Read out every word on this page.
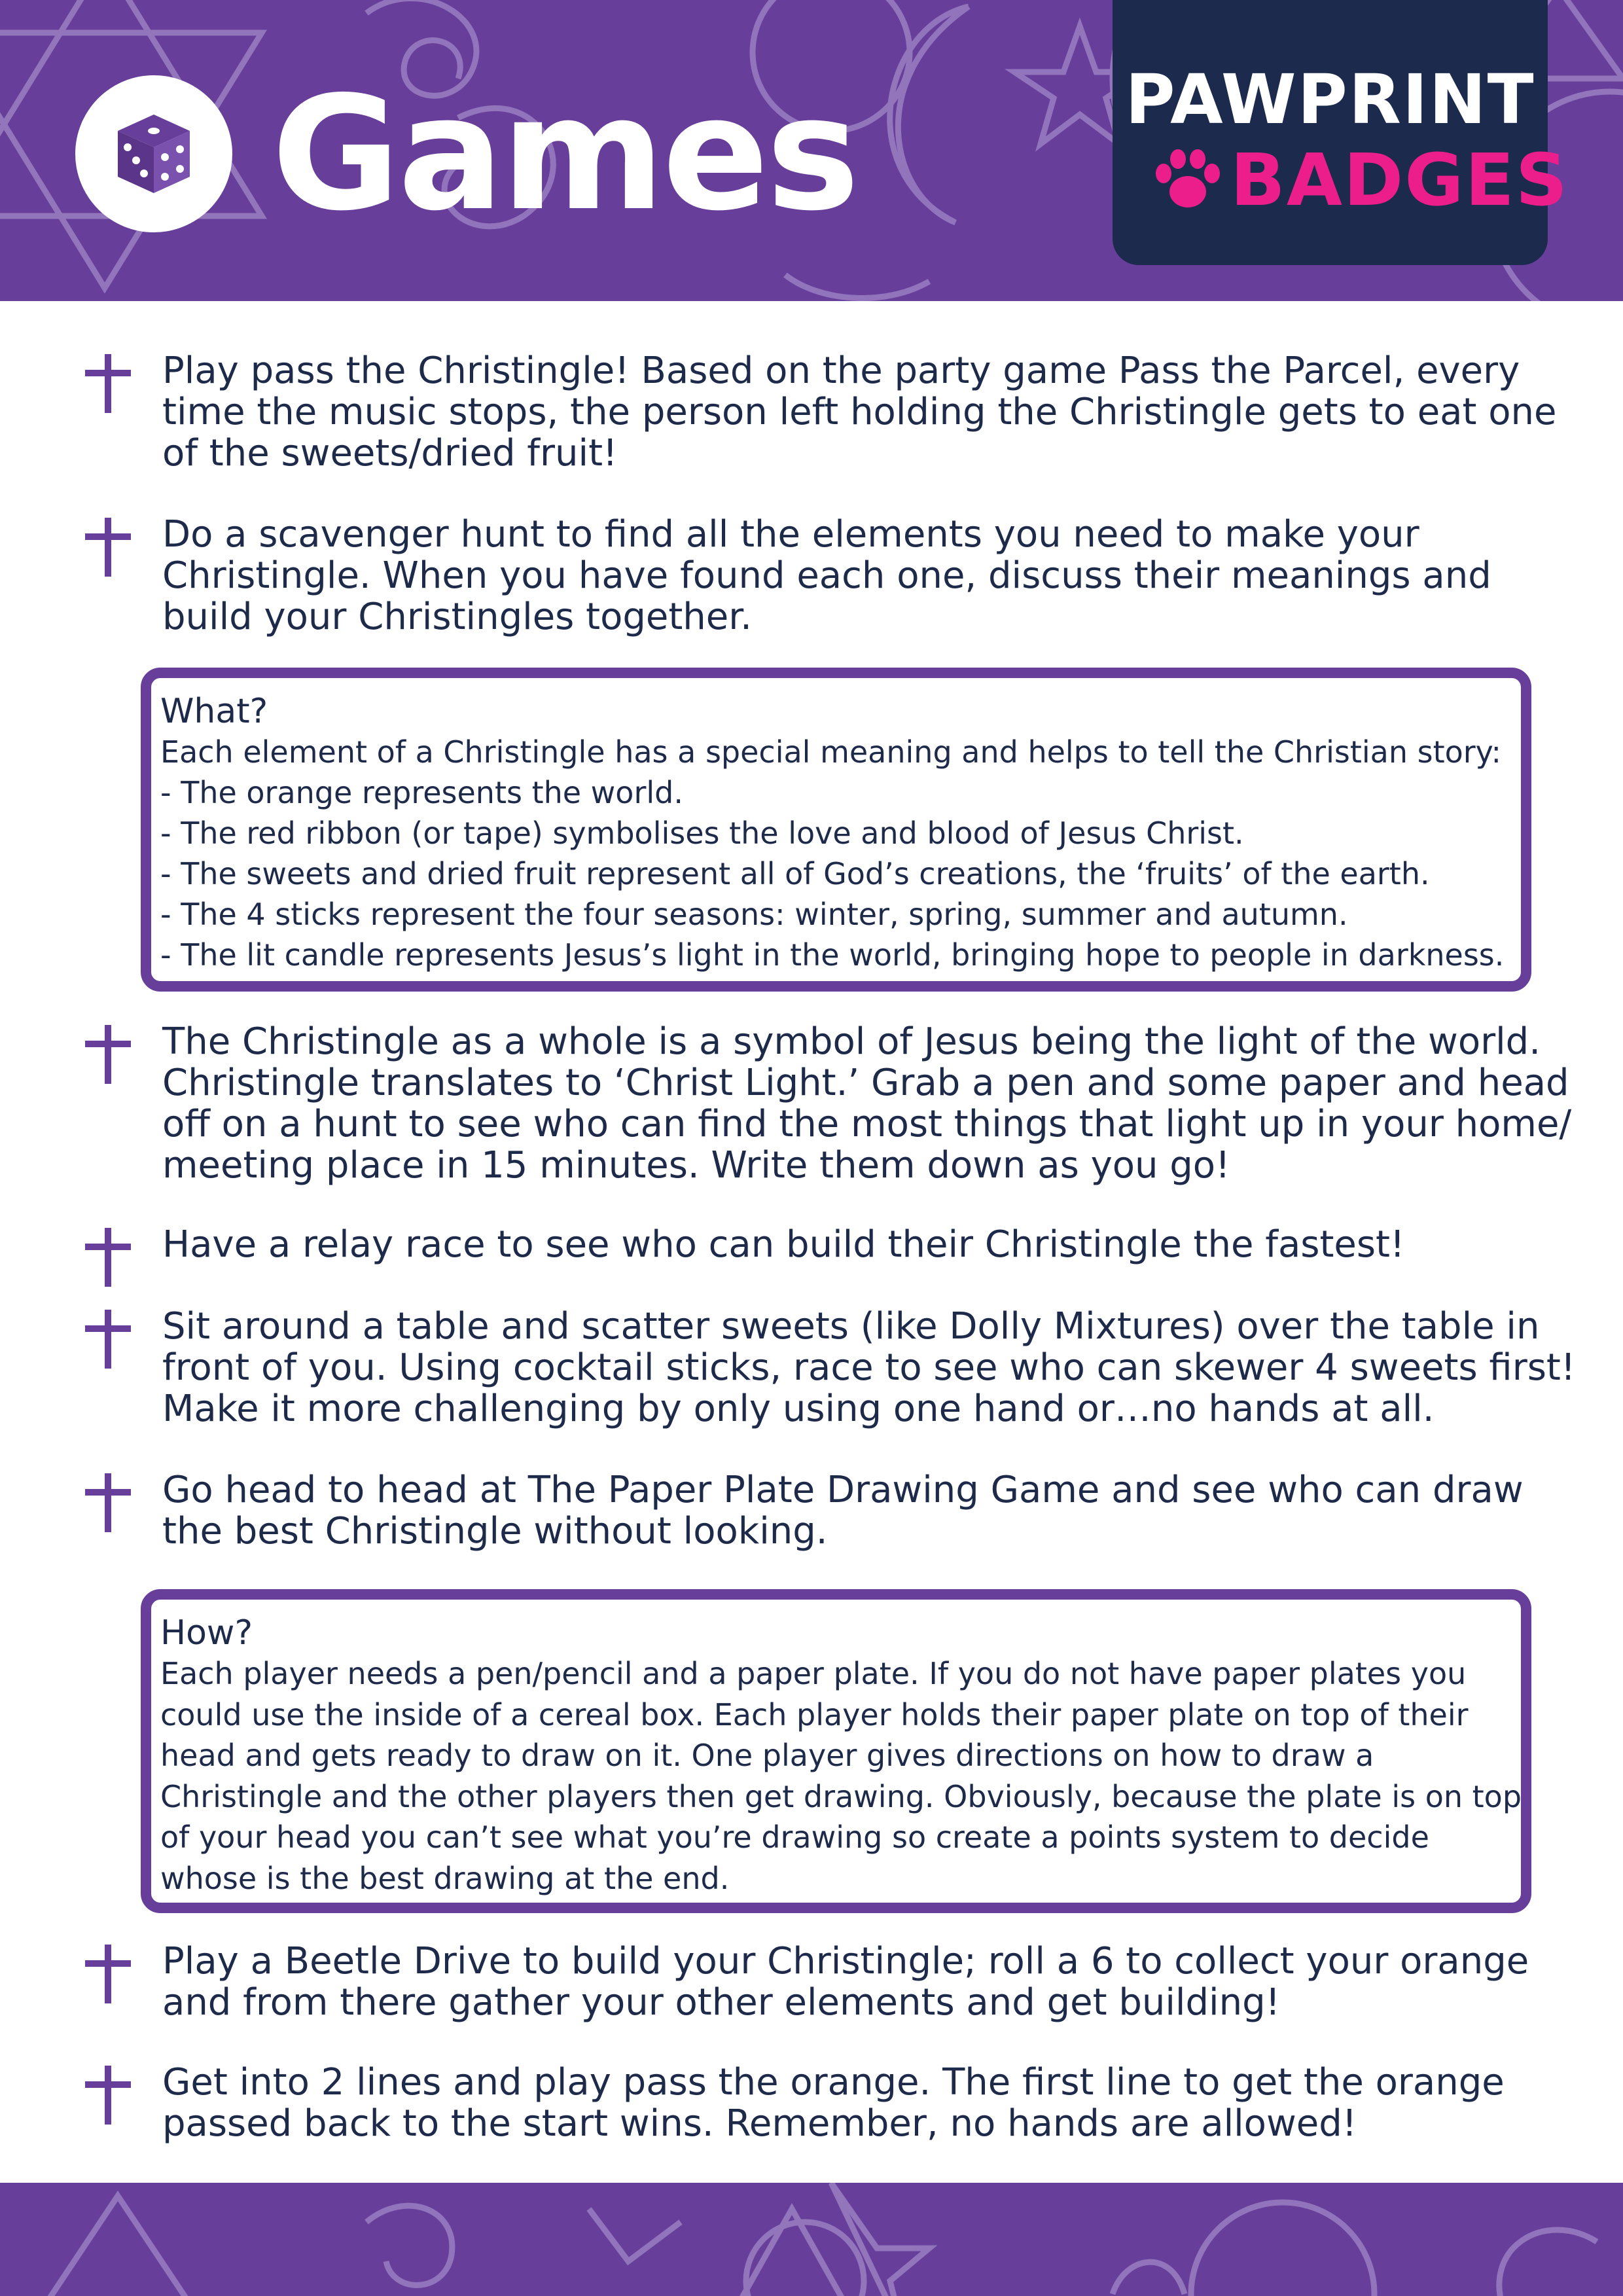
Games	PAWPRINT
BADGES
Play pass the Christingle! Based on the party game Pass the Parcel, every time the music stops, the person left holding the Christingle gets to eat one of the sweets/dried fruit!
Do a scavenger hunt to find all the elements you need to make your Christingle. When you have found each one, discuss their meanings and build your Christingles together.
What?
Each element of a Christingle has a special meaning and helps to tell the Christian story:
- The orange represents the world.
- The red ribbon (or tape) symbolises the love and blood of Jesus Christ.
- The sweets and dried fruit represent all of God’s creations, the ‘fruits’ of the earth.
- The 4 sticks represent the four seasons: winter, spring, summer and autumn.
- The lit candle represents Jesus’s light in the world, bringing hope to people in darkness.
The Christingle as a whole is a symbol of Jesus being the light of the world. Christingle translates to ‘Christ Light.’ Grab a pen and some paper and head off on a hunt to see who can find the most things that light up in your home/ meeting place in 15 minutes. Write them down as you go!
Have a relay race to see who can build their Christingle the fastest!
Sit around a table and scatter sweets (like Dolly Mixtures) over the table in front of you. Using cocktail sticks, race to see who can skewer 4 sweets first! Make it more challenging by only using one hand or…no hands at all.
Go head to head at The Paper Plate Drawing Game and see who can draw the best Christingle without looking.
How?
Each player needs a pen/pencil and a paper plate. If you do not have paper plates you could use the inside of a cereal box. Each player holds their paper plate on top of their head and gets ready to draw on it. One player gives directions on how to draw a Christingle and the other players then get drawing. Obviously, because the plate is on top of your head you can’t see what you’re drawing so create a points system to decide whose is the best drawing at the end.
Play a Beetle Drive to build your Christingle; roll a 6 to collect your orange and from there gather your other elements and get building!
Get into 2 lines and play pass the orange. The first line to get the orange passed back to the start wins. Remember, no hands are allowed!
